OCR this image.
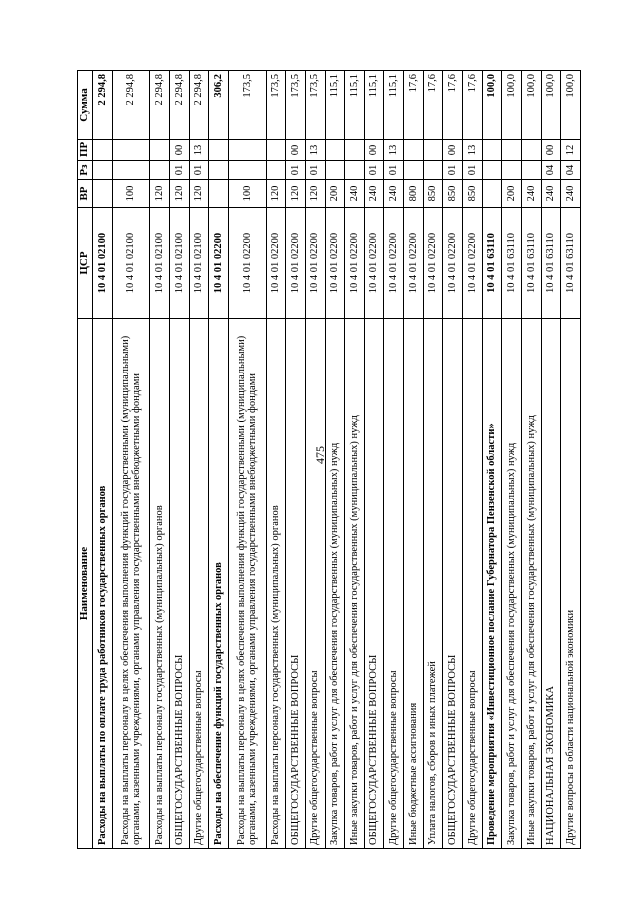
475
Наименование	ЦСР	ВР	Рз	ПР	Сумма
Расходы на выплаты по оплате труда работников государственных органов	10 4 01 02100				2 294,8
Расходы на выплаты персоналу в целях обеспечения выполнения функций государственными (муниципальными) органами, казенными учреждениями, органами управления государственными внебюджетными фондами	10 4 01 02100	100			2 294,8
Расходы на выплаты персоналу государственных (муниципальных) органов	10 4 01 02100	120			2 294,8
ОБЩЕГОСУДАРСТВЕННЫЕ ВОПРОСЫ	10 4 01 02100	120	01	00	2 294,8
Другие общегосударственные вопросы	10 4 01 02100	120	01	13	2 294,8
Расходы на обеспечение функций государственных органов	10 4 01 02200				306,2
Расходы на выплаты персоналу в целях обеспечения выполнения функций государственными (муниципальными) органами, казенными учреждениями, органами управления государственными внебюджетными фондами	10 4 01 02200	100			173,5
Расходы на выплаты персоналу государственных (муниципальных) органов	10 4 01 02200	120			173,5
ОБЩЕГОСУДАРСТВЕННЫЕ ВОПРОСЫ	10 4 01 02200	120	01	00	173,5
Другие общегосударственные вопросы	10 4 01 02200	120	01	13	173,5
Закупка товаров, работ и услуг для обеспечения государственных (муниципальных) нужд	10 4 01 02200	200			115,1
Иные закупки товаров, работ и услуг для обеспечения государственных (муниципальных) нужд	10 4 01 02200	240			115,1
ОБЩЕГОСУДАРСТВЕННЫЕ ВОПРОСЫ	10 4 01 02200	240	01	00	115,1
Другие общегосударственные вопросы	10 4 01 02200	240	01	13	115,1
Иные бюджетные ассигнования	10 4 01 02200	800			17,6
Уплата налогов, сборов и иных платежей	10 4 01 02200	850			17,6
ОБЩЕГОСУДАРСТВЕННЫЕ ВОПРОСЫ	10 4 01 02200	850	01	00	17,6
Другие общегосударственные вопросы	10 4 01 02200	850	01	13	17,6
Проведение мероприятия «Инвестиционное послание Губернатора Пензенской области»	10 4 01 63110				100,0
Закупка товаров, работ и услуг для обеспечения государственных (муниципальных) нужд	10 4 01 63110	200			100,0
Иные закупки товаров, работ и услуг для обеспечения государственных (муниципальных) нужд	10 4 01 63110	240			100,0
НАЦИОНАЛЬНАЯ ЭКОНОМИКА	10 4 01 63110	240	04	00	100,0
Другие вопросы в области национальной экономики	10 4 01 63110	240	04	12	100,0
